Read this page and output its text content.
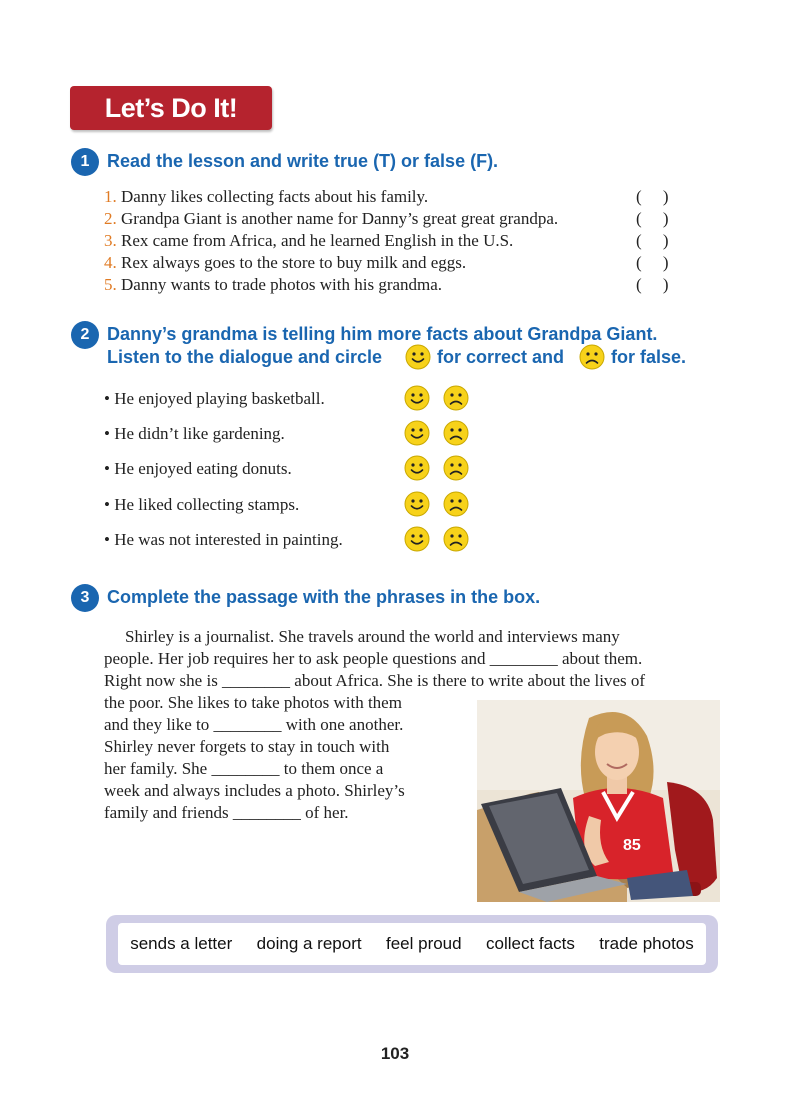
Let’s Do It!
1 Read the lesson and write true (T) or false (F).
1. Danny likes collecting facts about his family.
2. Grandpa Giant is another name for Danny’s great great grandpa.
3. Rex came from Africa, and he learned English in the U.S.
4. Rex always goes to the store to buy milk and eggs.
5. Danny wants to trade photos with his grandma.
(     )
(     )
(     )
(     )
(     )
2 Danny’s grandma is telling him more facts about Grandpa Giant.
Listen to the dialogue and circle	for correct and	for false.
• He enjoyed playing basketball.
• He didn’t like gardening.
• He enjoyed eating donuts.
• He liked collecting stamps.
• He was not interested in painting.
3 Complete the passage with the phrases in the box.
Shirley is a journalist. She travels around the world and interviews many
people. Her job requires her to ask people questions and ________ about them.
Right now she is ________ about Africa. She is there to write about the lives of
the poor. She likes to take photos with them
and they like to ________ with one another.
Shirley never forgets to stay in touch with
her family. She ________ to them once a
week and always includes a photo. Shirley’s
family and friends ________ of her.
85
sends a letter doing a report feel proud collect facts trade photos
103
